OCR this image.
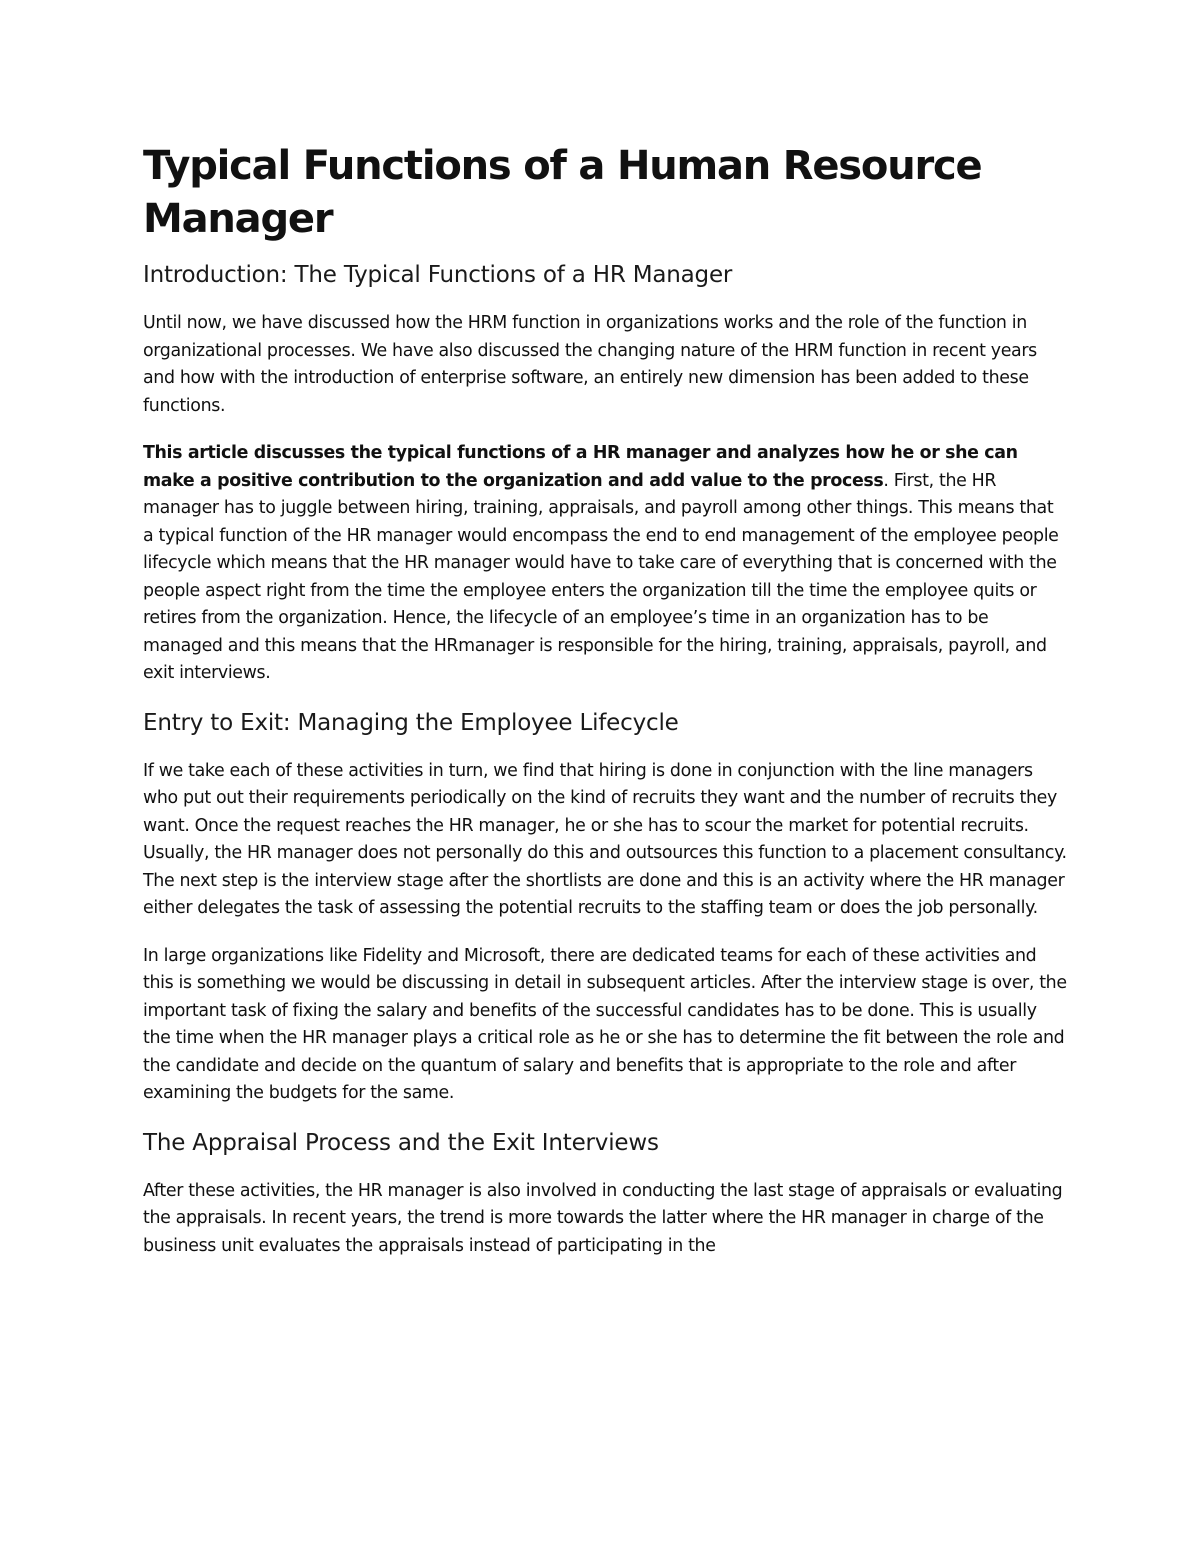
Typical Functions of a Human Resource Manager
Introduction: The Typical Functions of a HR Manager

Until now, we have discussed how the HRM function in organizations works and the role of the function in organizational processes. We have also discussed the changing nature of the HRM function in recent years and how with the introduction of enterprise software, an entirely new dimension has been added to these functions.

This article discusses the typical functions of a HR manager and analyzes how he or she can make a positive contribution to the organization and add value to the process. First, the HR manager has to juggle between hiring, training, appraisals, and payroll among other things. This means that a typical function of the HR manager would encompass the end to end management of the employee people lifecycle which means that the HR manager would have to take care of everything that is concerned with the people aspect right from the time the employee enters the organization till the time the employee quits or retires from the organization. Hence, the lifecycle of an employee’s time in an organization has to be managed and this means that the HRmanager is responsible for the hiring, training, appraisals, payroll, and exit interviews.

Entry to Exit: Managing the Employee Lifecycle

If we take each of these activities in turn, we find that hiring is done in conjunction with the line managers who put out their requirements periodically on the kind of recruits they want and the number of recruits they want. Once the request reaches the HR manager, he or she has to scour the market for potential recruits. Usually, the HR manager does not personally do this and outsources this function to a placement consultancy. The next step is the interview stage after the shortlists are done and this is an activity where the HR manager either delegates the task of assessing the potential recruits to the staffing team or does the job personally.

In large organizations like Fidelity and Microsoft, there are dedicated teams for each of these activities and this is something we would be discussing in detail in subsequent articles. After the interview stage is over, the important task of fixing the salary and benefits of the successful candidates has to be done. This is usually the time when the HR manager plays a critical role as he or she has to determine the fit between the role and the candidate and decide on the quantum of salary and benefits that is appropriate to the role and after examining the budgets for the same.

The Appraisal Process and the Exit Interviews

After these activities, the HR manager is also involved in conducting the last stage of appraisals or evaluating the appraisals. In recent years, the trend is more towards the latter where the HR manager in charge of the business unit evaluates the appraisals instead of participating in the
